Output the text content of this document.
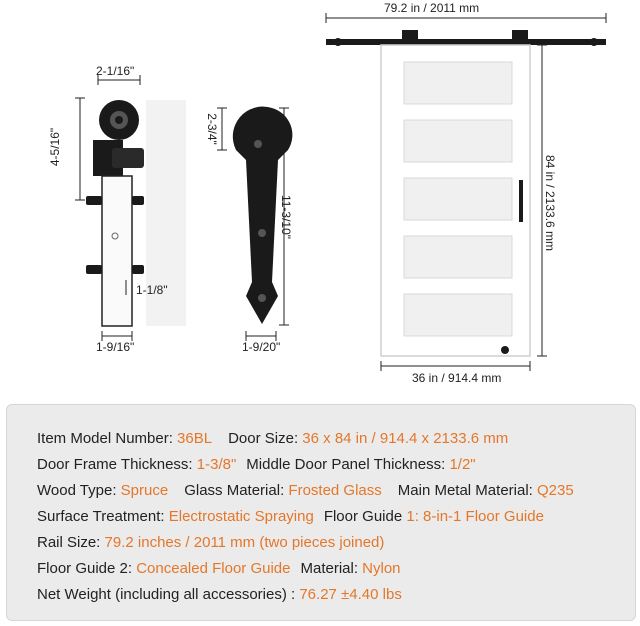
79.2 in / 2011 mm
2-1/16"
4-5/16"
1-1/8"
1-9/16"
2-3/4"
11-3/10"
1-9/20"
84 in / 2133.6 mm
36 in / 914.4 mm
Item Model Number: 36BL Door Size: 36 x 84 in / 914.4 x 2133.6 mm
Door Frame Thickness: 1-3/8" Middle Door Panel Thickness: 1/2"
Wood Type: Spruce Glass Material: Frosted Glass Main Metal Material: Q235
Surface Treatment: Electrostatic Spraying Floor Guide 1: 8-in-1 Floor Guide
Rail Size: 79.2 inches / 2011 mm (two pieces joined)
Floor Guide 2: Concealed Floor Guide Material: Nylon
Net Weight (including all accessories) : 76.27 ±4.40 lbs
